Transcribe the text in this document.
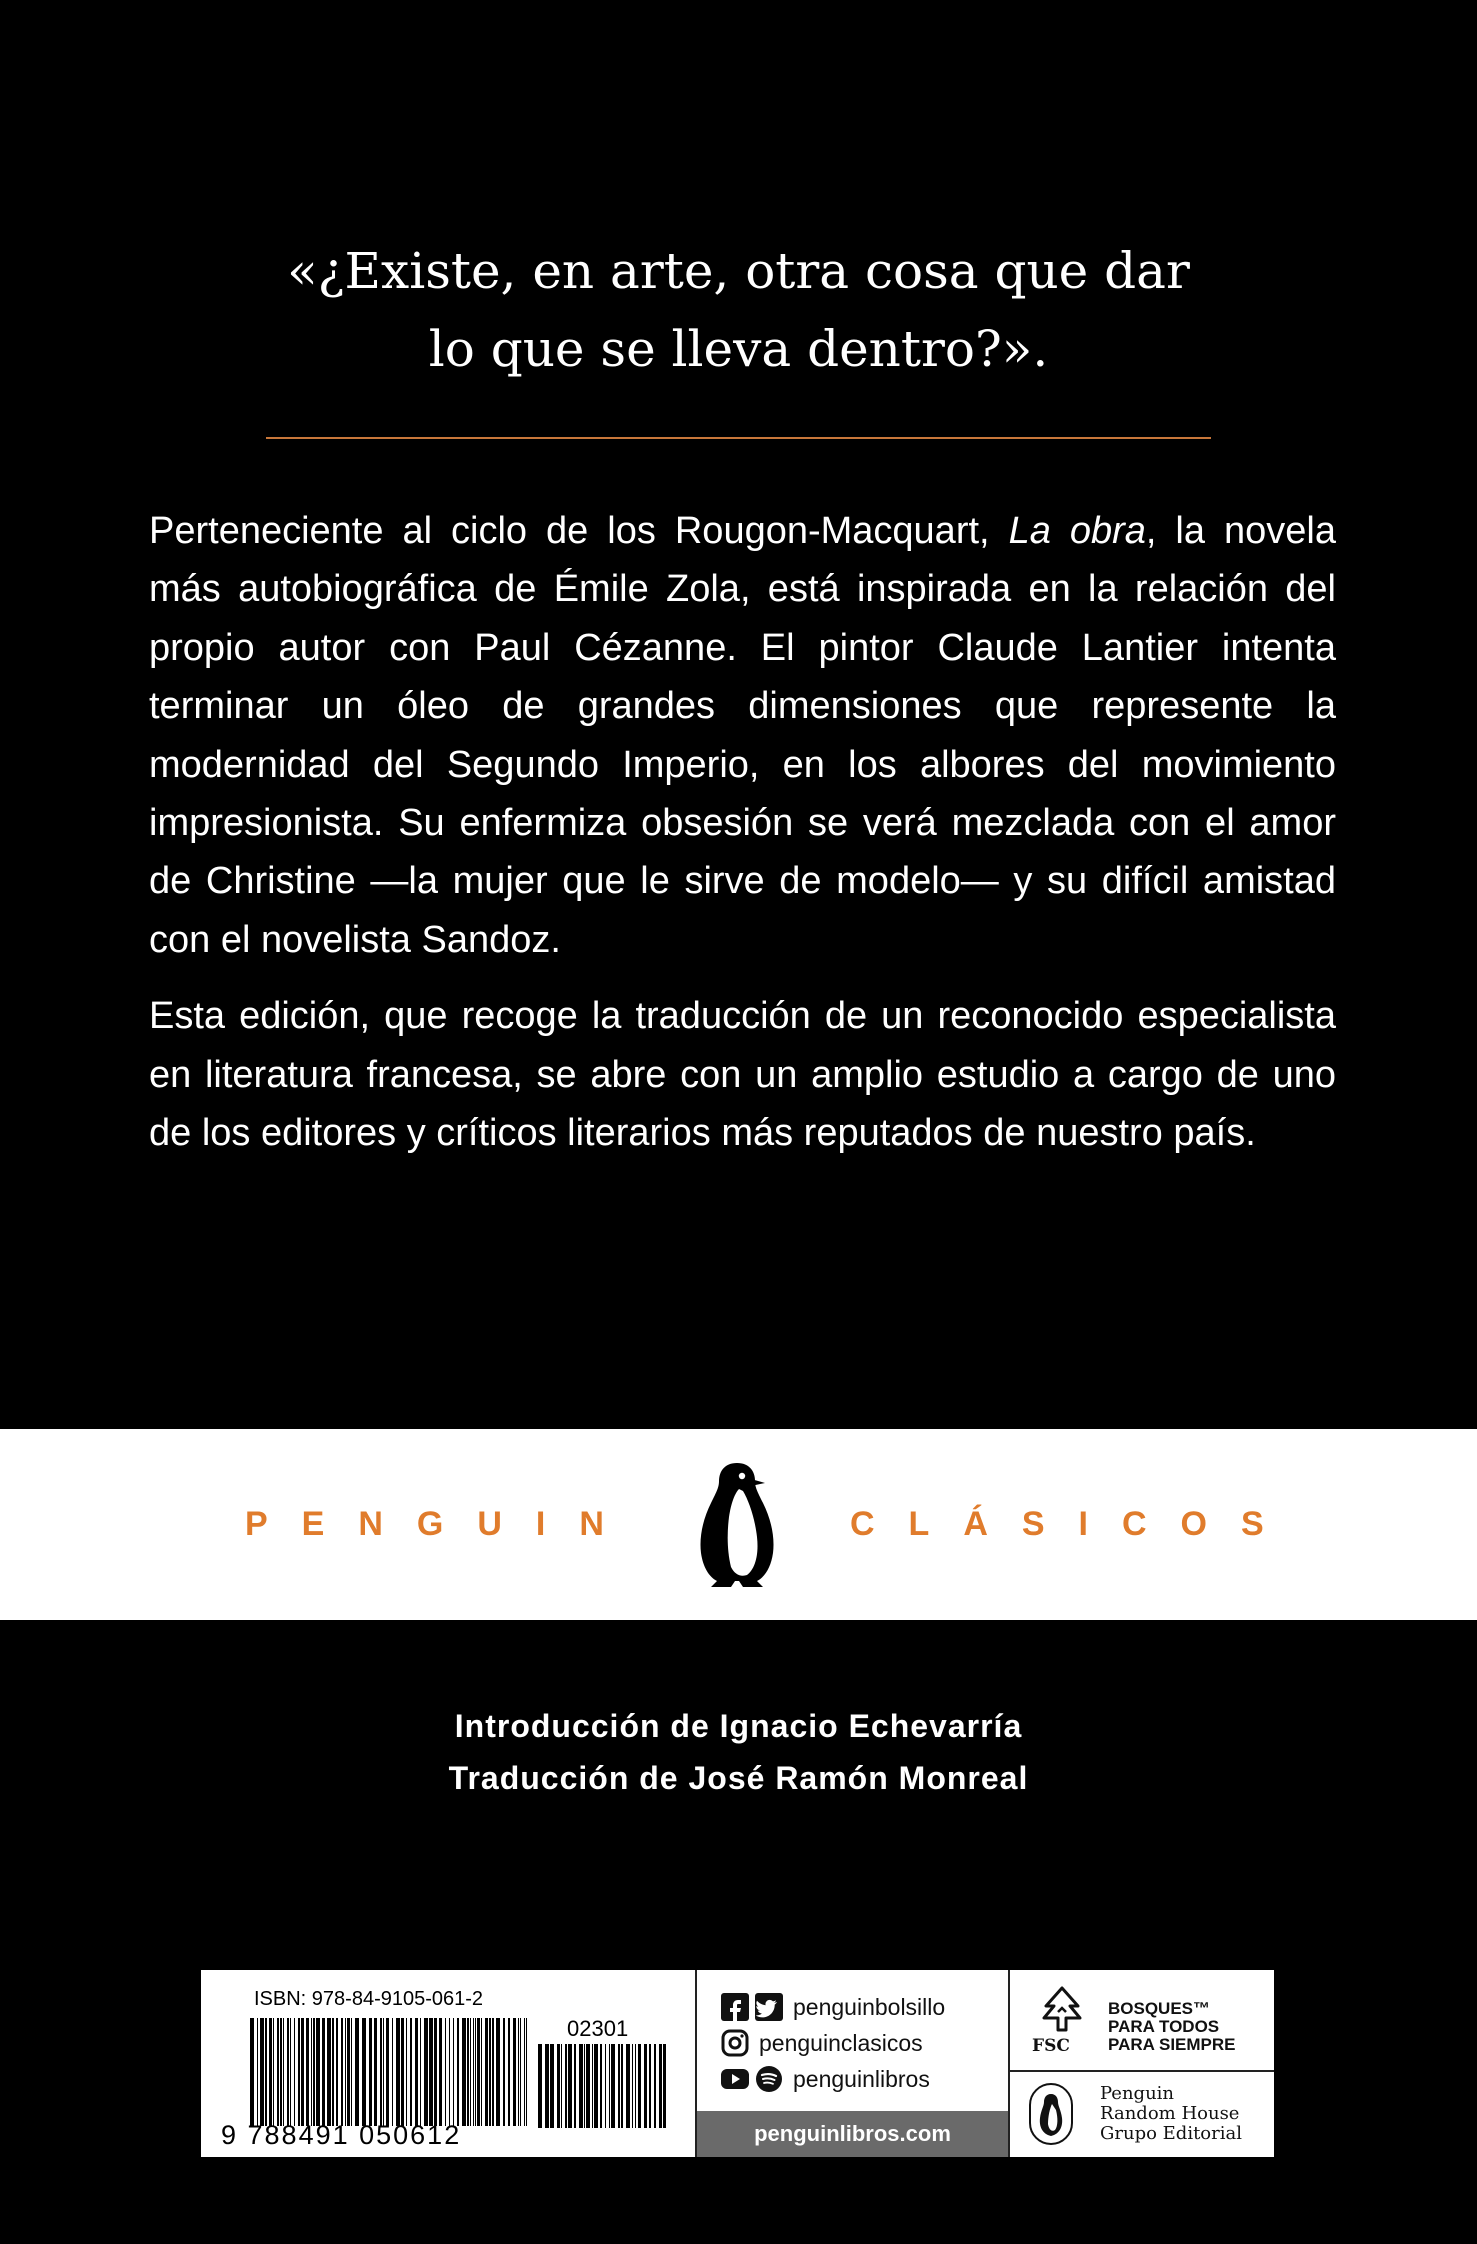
«¿Existe, en arte, otra cosa que dar
lo que se lleva dentro?».

Perteneciente al ciclo de los Rougon-Macquart, La obra, la novela más autobiográfica de Émile Zola, está inspirada en la relación del propio autor con Paul Cézanne. El pintor Claude Lantier intenta terminar un óleo de grandes dimensiones que represente la modernidad del Segundo Imperio, en los albores del movimiento impresionista. Su enfermiza obsesión se verá mezclada con el amor de Christine —la mujer que le sirve de modelo— y su difícil amistad con el novelista Sandoz.

Esta edición, que recoge la traducción de un reconocido especialista en literatura francesa, se abre con un amplio estudio a cargo de uno de los editores y críticos literarios más reputados de nuestro país.

PENGUIN	CLÁSICOS
Introducción de Ignacio Echevarría
Traducción de José Ramón Monreal
ISBN: 978-84-9105-061-2
02301
9 788491 050612
penguinbolsillo
penguinclasicos
penguinlibros
penguinlibros.com
FSC
BOSQUES™
PARA TODOS
PARA SIEMPRE
Penguin
Random House
Grupo Editorial
